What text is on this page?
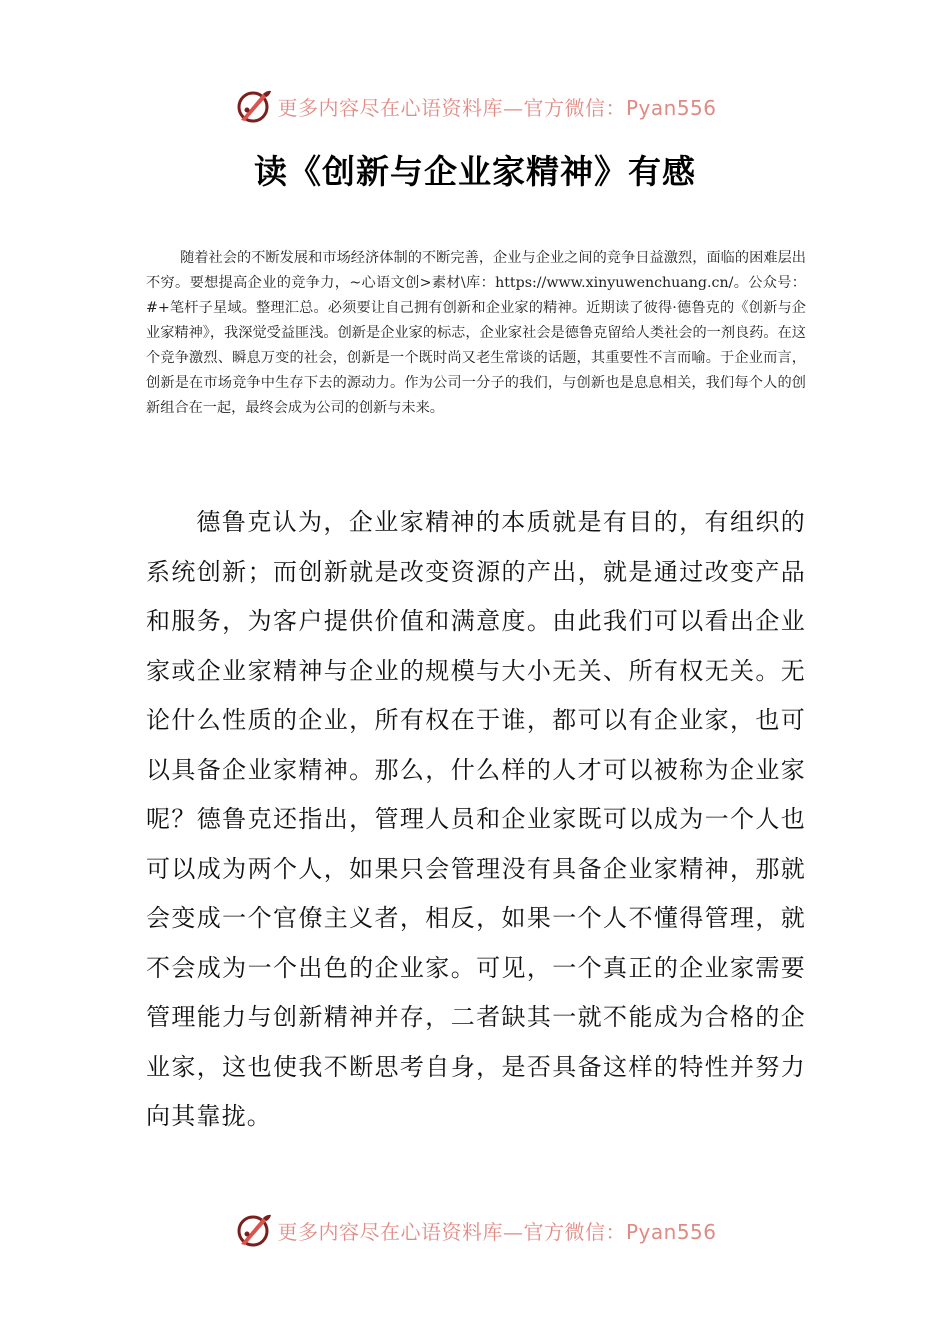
更多内容尽在心语资料库—官方微信：Pyan556
读《创新与企业家精神》有感

随着社会的不断发展和市场经济体制的不断完善，企业与企业之间的竞争日益激烈，面临的困难层出不穷。要想提高企业的竞争力，~心语文创>素材\库：https://www.xinyuwenchuang.cn/。公众号：#+笔杆子星域。整理汇总。必须要让自己拥有创新和企业家的精神。近期读了彼得·德鲁克的《创新与企业家精神》，我深觉受益匪浅。创新是企业家的标志，企业家社会是德鲁克留给人类社会的一剂良药。在这个竞争激烈、瞬息万变的社会，创新是一个既时尚又老生常谈的话题，其重要性不言而喻。于企业而言，创新是在市场竞争中生存下去的源动力。作为公司一分子的我们，与创新也是息息相关，我们每个人的创新组合在一起，最终会成为公司的创新与未来。

德鲁克认为，企业家精神的本质就是有目的，有组织的系统创新；而创新就是改变资源的产出，就是通过改变产品和服务，为客户提供价值和满意度。由此我们可以看出企业家或企业家精神与企业的规模与大小无关、所有权无关。无论什么性质的企业，所有权在于谁，都可以有企业家，也可以具备企业家精神。那么，什么样的人才可以被称为企业家呢？德鲁克还指出，管理人员和企业家既可以成为一个人也可以成为两个人，如果只会管理没有具备企业家精神，那就会变成一个官僚主义者，相反，如果一个人不懂得管理，就不会成为一个出色的企业家。可见，一个真正的企业家需要管理能力与创新精神并存，二者缺其一就不能成为合格的企业家，这也使我不断思考自身，是否具备这样的特性并努力向其靠拢。

更多内容尽在心语资料库—官方微信：Pyan556
